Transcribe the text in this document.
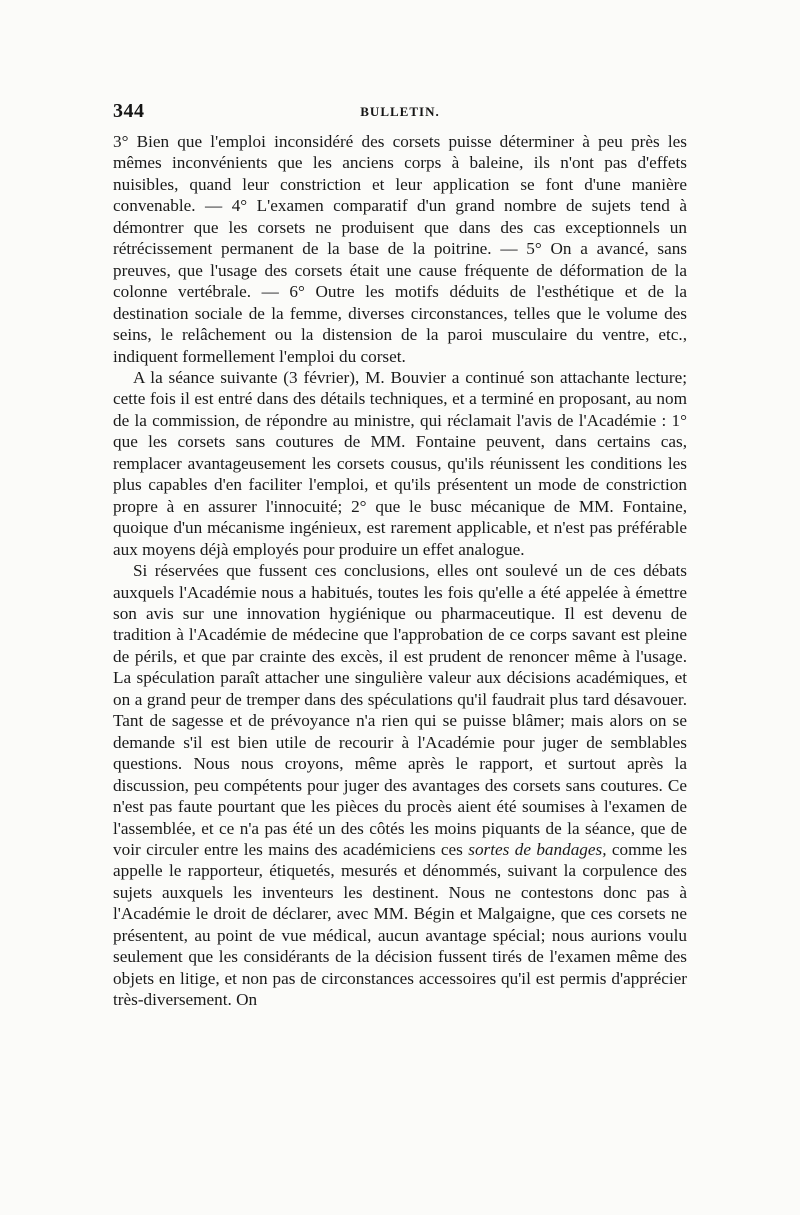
344	BULLETIN.

3° Bien que l'emploi inconsidéré des corsets puisse déterminer à peu près les mêmes inconvénients que les anciens corps à baleine, ils n'ont pas d'effets nuisibles, quand leur constriction et leur application se font d'une manière convenable. — 4° L'examen comparatif d'un grand nombre de sujets tend à démontrer que les corsets ne produisent que dans des cas exceptionnels un rétrécissement permanent de la base de la poitrine. — 5° On a avancé, sans preuves, que l'usage des corsets était une cause fréquente de déformation de la colonne vertébrale. — 6° Outre les motifs déduits de l'esthétique et de la destination sociale de la femme, diverses circonstances, telles que le volume des seins, le relâchement ou la distension de la paroi musculaire du ventre, etc., indiquent formellement l'emploi du corset.

A la séance suivante (3 février), M. Bouvier a continué son attachante lecture; cette fois il est entré dans des détails techniques, et a terminé en proposant, au nom de la commission, de répondre au ministre, qui réclamait l'avis de l'Académie : 1° que les corsets sans coutures de MM. Fontaine peuvent, dans certains cas, remplacer avantageusement les corsets cousus, qu'ils réunissent les conditions les plus capables d'en faciliter l'emploi, et qu'ils présentent un mode de constriction propre à en assurer l'innocuité; 2° que le busc mécanique de MM. Fontaine, quoique d'un mécanisme ingénieux, est rarement applicable, et n'est pas préférable aux moyens déjà employés pour produire un effet analogue.

Si réservées que fussent ces conclusions, elles ont soulevé un de ces débats auxquels l'Académie nous a habitués, toutes les fois qu'elle a été appelée à émettre son avis sur une innovation hygiénique ou pharmaceutique. Il est devenu de tradition à l'Académie de médecine que l'approbation de ce corps savant est pleine de périls, et que par crainte des excès, il est prudent de renoncer même à l'usage. La spéculation paraît attacher une singulière valeur aux décisions académiques, et on a grand peur de tremper dans des spéculations qu'il faudrait plus tard désavouer. Tant de sagesse et de prévoyance n'a rien qui se puisse blâmer; mais alors on se demande s'il est bien utile de recourir à l'Académie pour juger de semblables questions. Nous nous croyons, même après le rapport, et surtout après la discussion, peu compétents pour juger des avantages des corsets sans coutures. Ce n'est pas faute pourtant que les pièces du procès aient été soumises à l'examen de l'assemblée, et ce n'a pas été un des côtés les moins piquants de la séance, que de voir circuler entre les mains des académiciens ces sortes de bandages, comme les appelle le rapporteur, étiquetés, mesurés et dénommés, suivant la corpulence des sujets auxquels les inventeurs les destinent. Nous ne contestons donc pas à l'Académie le droit de déclarer, avec MM. Bégin et Malgaigne, que ces corsets ne présentent, au point de vue médical, aucun avantage spécial; nous aurions voulu seulement que les considérants de la décision fussent tirés de l'examen même des objets en litige, et non pas de circonstances accessoires qu'il est permis d'apprécier très-diversement. On
